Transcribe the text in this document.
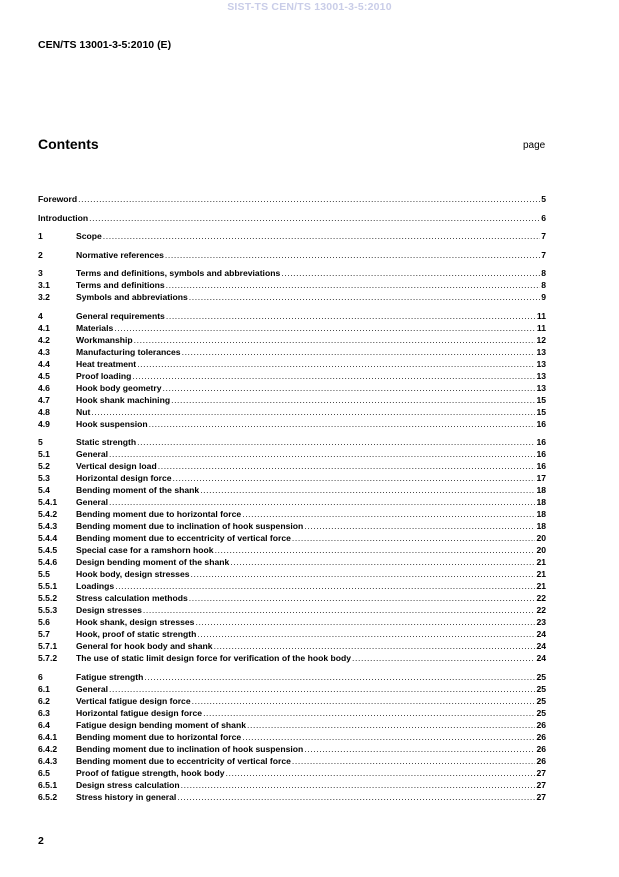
SIST-TS CEN/TS 13001-3-5:2010
CEN/TS 13001-3-5:2010 (E)
Contents	page
Foreword .....	5
Introduction .....	6
1	Scope .....	7
2	Normative references .....	7
3	Terms and definitions, symbols and abbreviations .....	8
3.1	Terms and definitions .....	8
3.2	Symbols and abbreviations .....	9
4	General requirements .....	11
4.1	Materials .....	11
4.2	Workmanship .....	12
4.3	Manufacturing tolerances .....	13
4.4	Heat treatment .....	13
4.5	Proof loading .....	13
4.6	Hook body geometry .....	13
4.7	Hook shank machining .....	15
4.8	Nut .....	15
4.9	Hook suspension .....	16
5	Static strength .....	16
5.1	General .....	16
5.2	Vertical design load .....	16
5.3	Horizontal design force .....	17
5.4	Bending moment of the shank .....	18
5.4.1	General .....	18
5.4.2	Bending moment due to horizontal force .....	18
5.4.3	Bending moment due to inclination of hook suspension .....	18
5.4.4	Bending moment due to eccentricity of vertical force .....	20
5.4.5	Special case for a ramshorn hook .....	20
5.4.6	Design bending moment of the shank .....	21
5.5	Hook body, design stresses .....	21
5.5.1	Loadings .....	21
5.5.2	Stress calculation methods .....	22
5.5.3	Design stresses .....	22
5.6	Hook shank, design stresses .....	23
5.7	Hook, proof of static strength .....	24
5.7.1	General for hook body and shank .....	24
5.7.2	The use of static limit design force for verification of the hook body .....	24
6	Fatigue strength .....	25
6.1	General .....	25
6.2	Vertical fatigue design force .....	25
6.3	Horizontal fatigue design force .....	25
6.4	Fatigue design bending moment of shank .....	26
6.4.1	Bending moment due to horizontal force .....	26
6.4.2	Bending moment due to inclination of hook suspension .....	26
6.4.3	Bending moment due to eccentricity of vertical force .....	26
6.5	Proof of fatigue strength, hook body .....	27
6.5.1	Design stress calculation .....	27
6.5.2	Stress history in general .....	27
2
